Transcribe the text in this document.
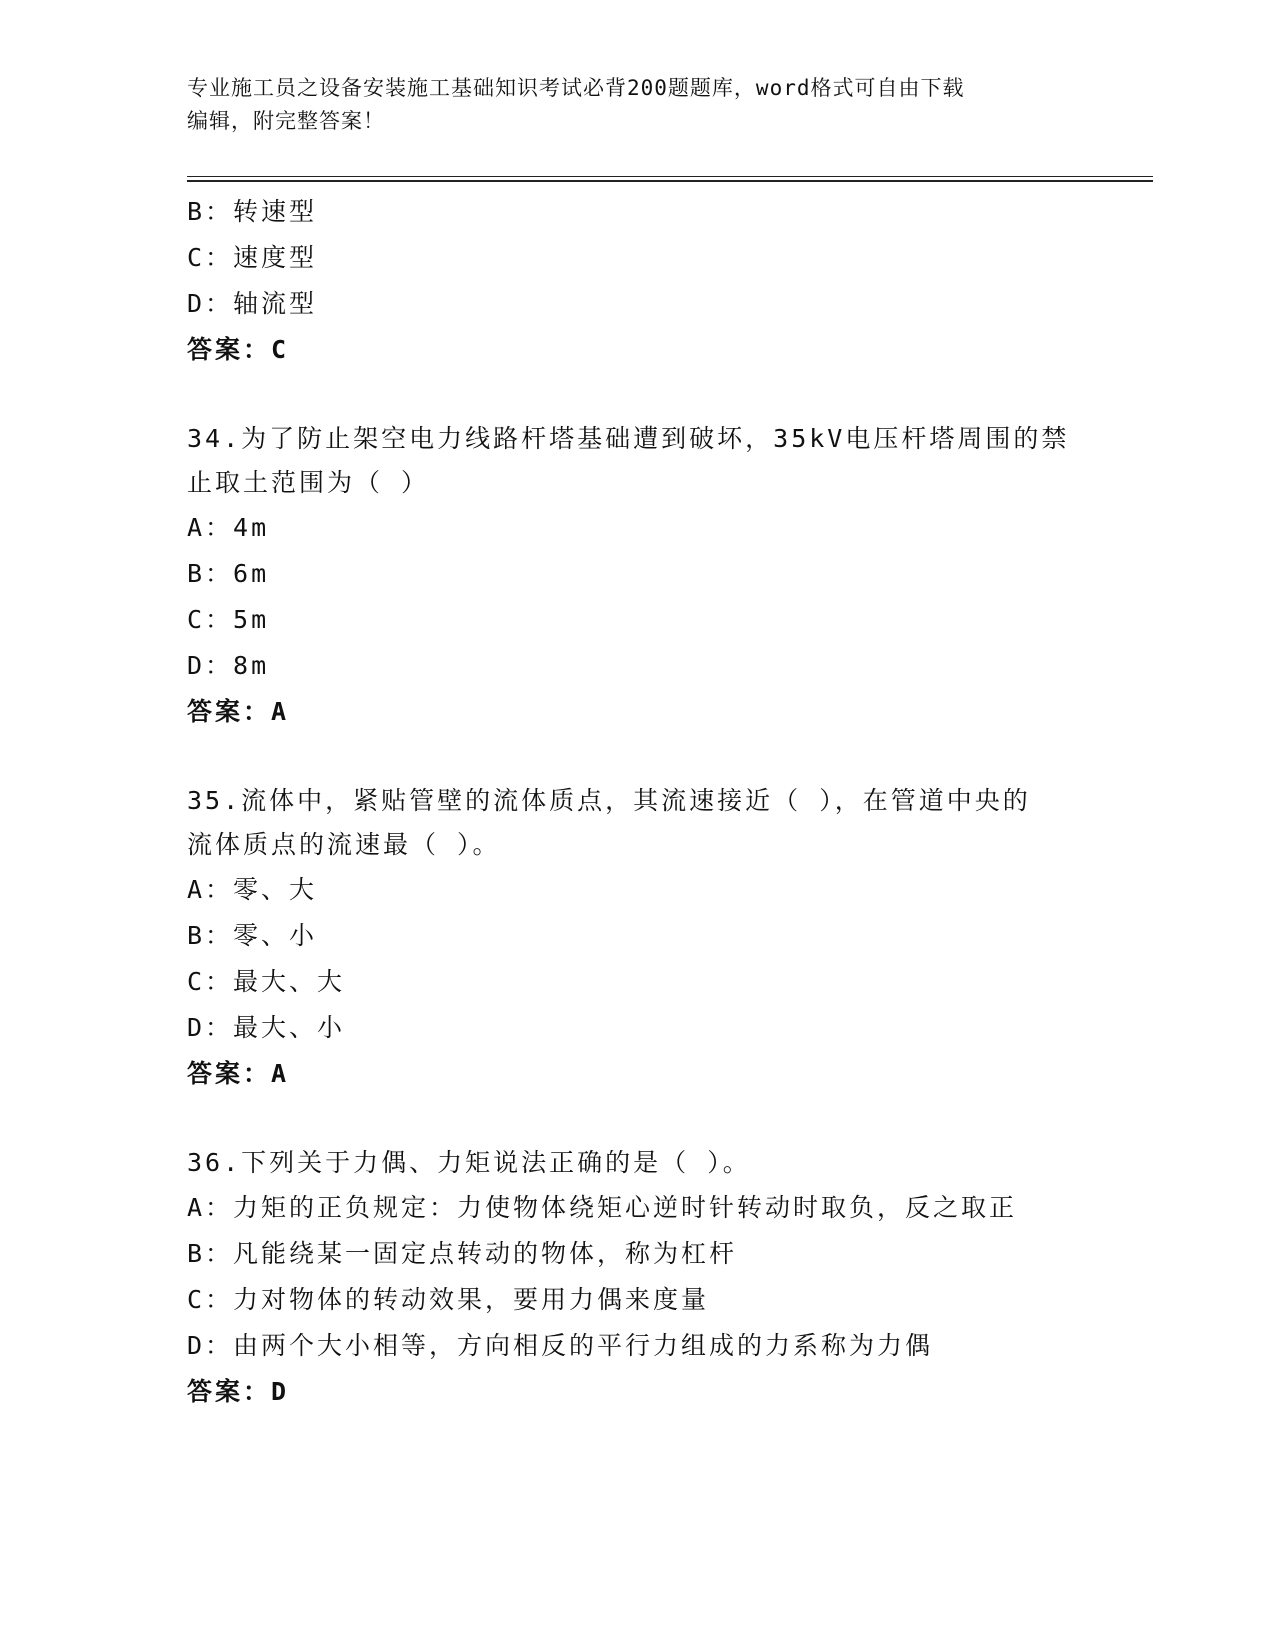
专业施工员之设备安装施工基础知识考试必背200题题库，word格式可自由下载
编辑，附完整答案！
B：转速型
C：速度型
D：轴流型
答案：C
34.为了防止架空电力线路杆塔基础遭到破坏，35kV电压杆塔周围的禁
止取土范围为（ ）
A：4m
B：6m
C：5m
D：8m
答案：A
35.流体中，紧贴管壁的流体质点，其流速接近（ ），在管道中央的
流体质点的流速最（ ）。
A：零、大
B：零、小
C：最大、大
D：最大、小
答案：A
36.下列关于力偶、力矩说法正确的是（ ）。
A：力矩的正负规定：力使物体绕矩心逆时针转动时取负，反之取正
B：凡能绕某一固定点转动的物体，称为杠杆
C：力对物体的转动效果，要用力偶来度量
D：由两个大小相等，方向相反的平行力组成的力系称为力偶
答案：D
